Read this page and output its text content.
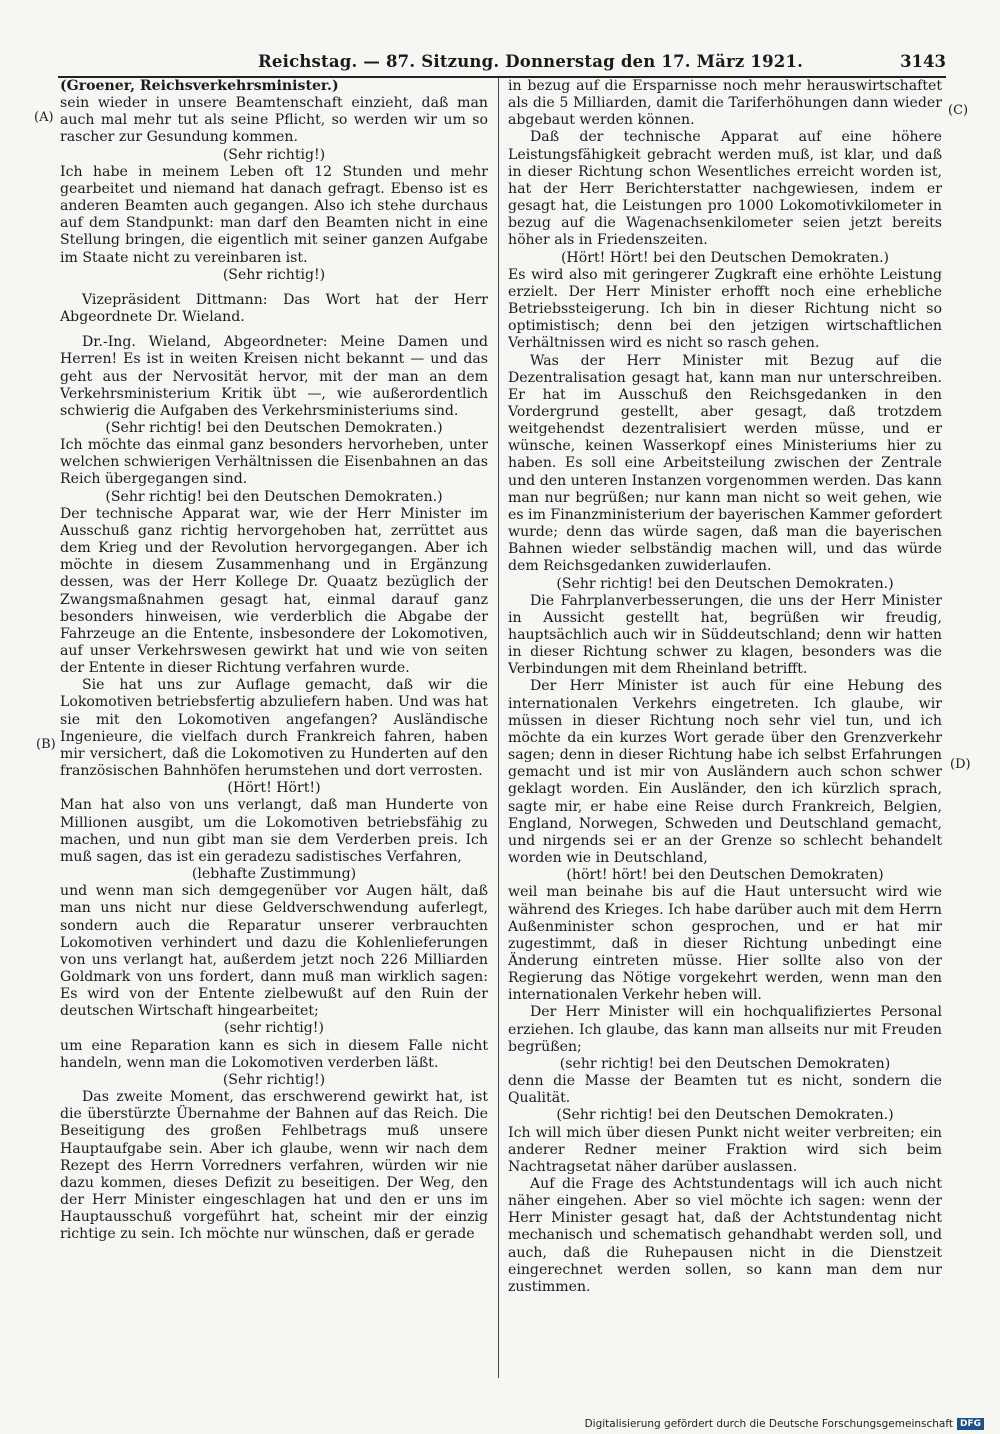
Reichstag. — 87. Sitzung. Donnerstag den 17. März 1921.	3143
(A)
(B)
(C)
(D)

(Groener, Reichsverkehrsminister.)

sein wieder in unsere Beamtenschaft einzieht, daß man auch mal mehr tut als seine Pflicht, so werden wir um so rascher zur Gesundung kommen.

(Sehr richtig!)

Ich habe in meinem Leben oft 12 Stunden und mehr gearbeitet und niemand hat danach gefragt. Ebenso ist es anderen Beamten auch gegangen. Also ich stehe durchaus auf dem Standpunkt: man darf den Beamten nicht in eine Stellung bringen, die eigentlich mit seiner ganzen Aufgabe im Staate nicht zu vereinbaren ist.

(Sehr richtig!)

Vizepräsident Dittmann: Das Wort hat der Herr Abgeordnete Dr. Wieland.

Dr.-Ing. Wieland, Abgeordneter: Meine Damen und Herren! Es ist in weiten Kreisen nicht bekannt — und das geht aus der Nervosität hervor, mit der man an dem Verkehrsministerium Kritik übt —, wie außerordentlich schwierig die Aufgaben des Verkehrsministeriums sind.

(Sehr richtig! bei den Deutschen Demokraten.)

Ich möchte das einmal ganz besonders hervorheben, unter welchen schwierigen Verhältnissen die Eisenbahnen an das Reich übergegangen sind.

(Sehr richtig! bei den Deutschen Demokraten.)

Der technische Apparat war, wie der Herr Minister im Ausschuß ganz richtig hervorgehoben hat, zerrüttet aus dem Krieg und der Revolution hervorgegangen. Aber ich möchte in diesem Zusammenhang und in Ergänzung dessen, was der Herr Kollege Dr. Quaatz bezüglich der Zwangsmaßnahmen gesagt hat, einmal darauf ganz besonders hinweisen, wie verderblich die Abgabe der Fahrzeuge an die Entente, insbesondere der Lokomotiven, auf unser Verkehrswesen gewirkt hat und wie von seiten der Entente in dieser Richtung verfahren wurde.

Sie hat uns zur Auflage gemacht, daß wir die Lokomotiven betriebsfertig abzuliefern haben. Und was hat sie mit den Lokomotiven angefangen? Ausländische Ingenieure, die vielfach durch Frankreich fahren, haben mir versichert, daß die Lokomotiven zu Hunderten auf den französischen Bahnhöfen herumstehen und dort verrosten.

(Hört! Hört!)

Man hat also von uns verlangt, daß man Hunderte von Millionen ausgibt, um die Lokomotiven betriebsfähig zu machen, und nun gibt man sie dem Verderben preis. Ich muß sagen, das ist ein geradezu sadistisches Verfahren,

(lebhafte Zustimmung)

und wenn man sich demgegenüber vor Augen hält, daß man uns nicht nur diese Geldverschwendung auferlegt, sondern auch die Reparatur unserer verbrauchten Lokomotiven verhindert und dazu die Kohlenlieferungen von uns verlangt hat, außerdem jetzt noch 226 Milliarden Goldmark von uns fordert, dann muß man wirklich sagen: Es wird von der Entente zielbewußt auf den Ruin der deutschen Wirtschaft hingearbeitet;

(sehr richtig!)

um eine Reparation kann es sich in diesem Falle nicht handeln, wenn man die Lokomotiven verderben läßt.

(Sehr richtig!)

Das zweite Moment, das erschwerend gewirkt hat, ist die überstürzte Übernahme der Bahnen auf das Reich. Die Beseitigung des großen Fehlbetrags muß unsere Hauptaufgabe sein. Aber ich glaube, wenn wir nach dem Rezept des Herrn Vorredners verfahren, würden wir nie dazu kommen, dieses Defizit zu beseitigen. Der Weg, den der Herr Minister eingeschlagen hat und den er uns im Hauptausschuß vorgeführt hat, scheint mir der einzig richtige zu sein. Ich möchte nur wünschen, daß er gerade

in bezug auf die Ersparnisse noch mehr herauswirtschaftet als die 5 Milliarden, damit die Tariferhöhungen dann wieder abgebaut werden können.

Daß der technische Apparat auf eine höhere Leistungsfähigkeit gebracht werden muß, ist klar, und daß in dieser Richtung schon Wesentliches erreicht worden ist, hat der Herr Berichterstatter nachgewiesen, indem er gesagt hat, die Leistungen pro 1000 Lokomotivkilometer in bezug auf die Wagenachsenkilometer seien jetzt bereits höher als in Friedenszeiten.

(Hört! Hört! bei den Deutschen Demokraten.)

Es wird also mit geringerer Zugkraft eine erhöhte Leistung erzielt. Der Herr Minister erhofft noch eine erhebliche Betriebssteigerung. Ich bin in dieser Richtung nicht so optimistisch; denn bei den jetzigen wirtschaftlichen Verhältnissen wird es nicht so rasch gehen.

Was der Herr Minister mit Bezug auf die Dezentralisation gesagt hat, kann man nur unterschreiben. Er hat im Ausschuß den Reichsgedanken in den Vordergrund gestellt, aber gesagt, daß trotzdem weitgehendst dezentralisiert werden müsse, und er wünsche, keinen Wasserkopf eines Ministeriums hier zu haben. Es soll eine Arbeitsteilung zwischen der Zentrale und den unteren Instanzen vorgenommen werden. Das kann man nur begrüßen; nur kann man nicht so weit gehen, wie es im Finanzministerium der bayerischen Kammer gefordert wurde; denn das würde sagen, daß man die bayerischen Bahnen wieder selbständig machen will, und das würde dem Reichsgedanken zuwiderlaufen.

(Sehr richtig! bei den Deutschen Demokraten.)

Die Fahrplanverbesserungen, die uns der Herr Minister in Aussicht gestellt hat, begrüßen wir freudig, hauptsächlich auch wir in Süddeutschland; denn wir hatten in dieser Richtung schwer zu klagen, besonders was die Verbindungen mit dem Rheinland betrifft.

Der Herr Minister ist auch für eine Hebung des internationalen Verkehrs eingetreten. Ich glaube, wir müssen in dieser Richtung noch sehr viel tun, und ich möchte da ein kurzes Wort gerade über den Grenzverkehr sagen; denn in dieser Richtung habe ich selbst Erfahrungen gemacht und ist mir von Ausländern auch schon schwer geklagt worden. Ein Ausländer, den ich kürzlich sprach, sagte mir, er habe eine Reise durch Frankreich, Belgien, England, Norwegen, Schweden und Deutschland gemacht, und nirgends sei er an der Grenze so schlecht behandelt worden wie in Deutschland,

(hört! hört! bei den Deutschen Demokraten)

weil man beinahe bis auf die Haut untersucht wird wie während des Krieges. Ich habe darüber auch mit dem Herrn Außenminister schon gesprochen, und er hat mir zugestimmt, daß in dieser Richtung unbedingt eine Änderung eintreten müsse. Hier sollte also von der Regierung das Nötige vorgekehrt werden, wenn man den internationalen Verkehr heben will.

Der Herr Minister will ein hochqualifiziertes Personal erziehen. Ich glaube, das kann man allseits nur mit Freuden begrüßen;

(sehr richtig! bei den Deutschen Demokraten)

denn die Masse der Beamten tut es nicht, sondern die Qualität.

(Sehr richtig! bei den Deutschen Demokraten.)

Ich will mich über diesen Punkt nicht weiter verbreiten; ein anderer Redner meiner Fraktion wird sich beim Nachtragsetat näher darüber auslassen.

Auf die Frage des Achtstundentags will ich auch nicht näher eingehen. Aber so viel möchte ich sagen: wenn der Herr Minister gesagt hat, daß der Achtstundentag nicht mechanisch und schematisch gehandhabt werden soll, und auch, daß die Ruhepausen nicht in die Dienstzeit eingerechnet werden sollen, so kann man dem nur zustimmen.

Digitalisierung gefördert durch die Deutsche Forschungsgemeinschaft DFG
